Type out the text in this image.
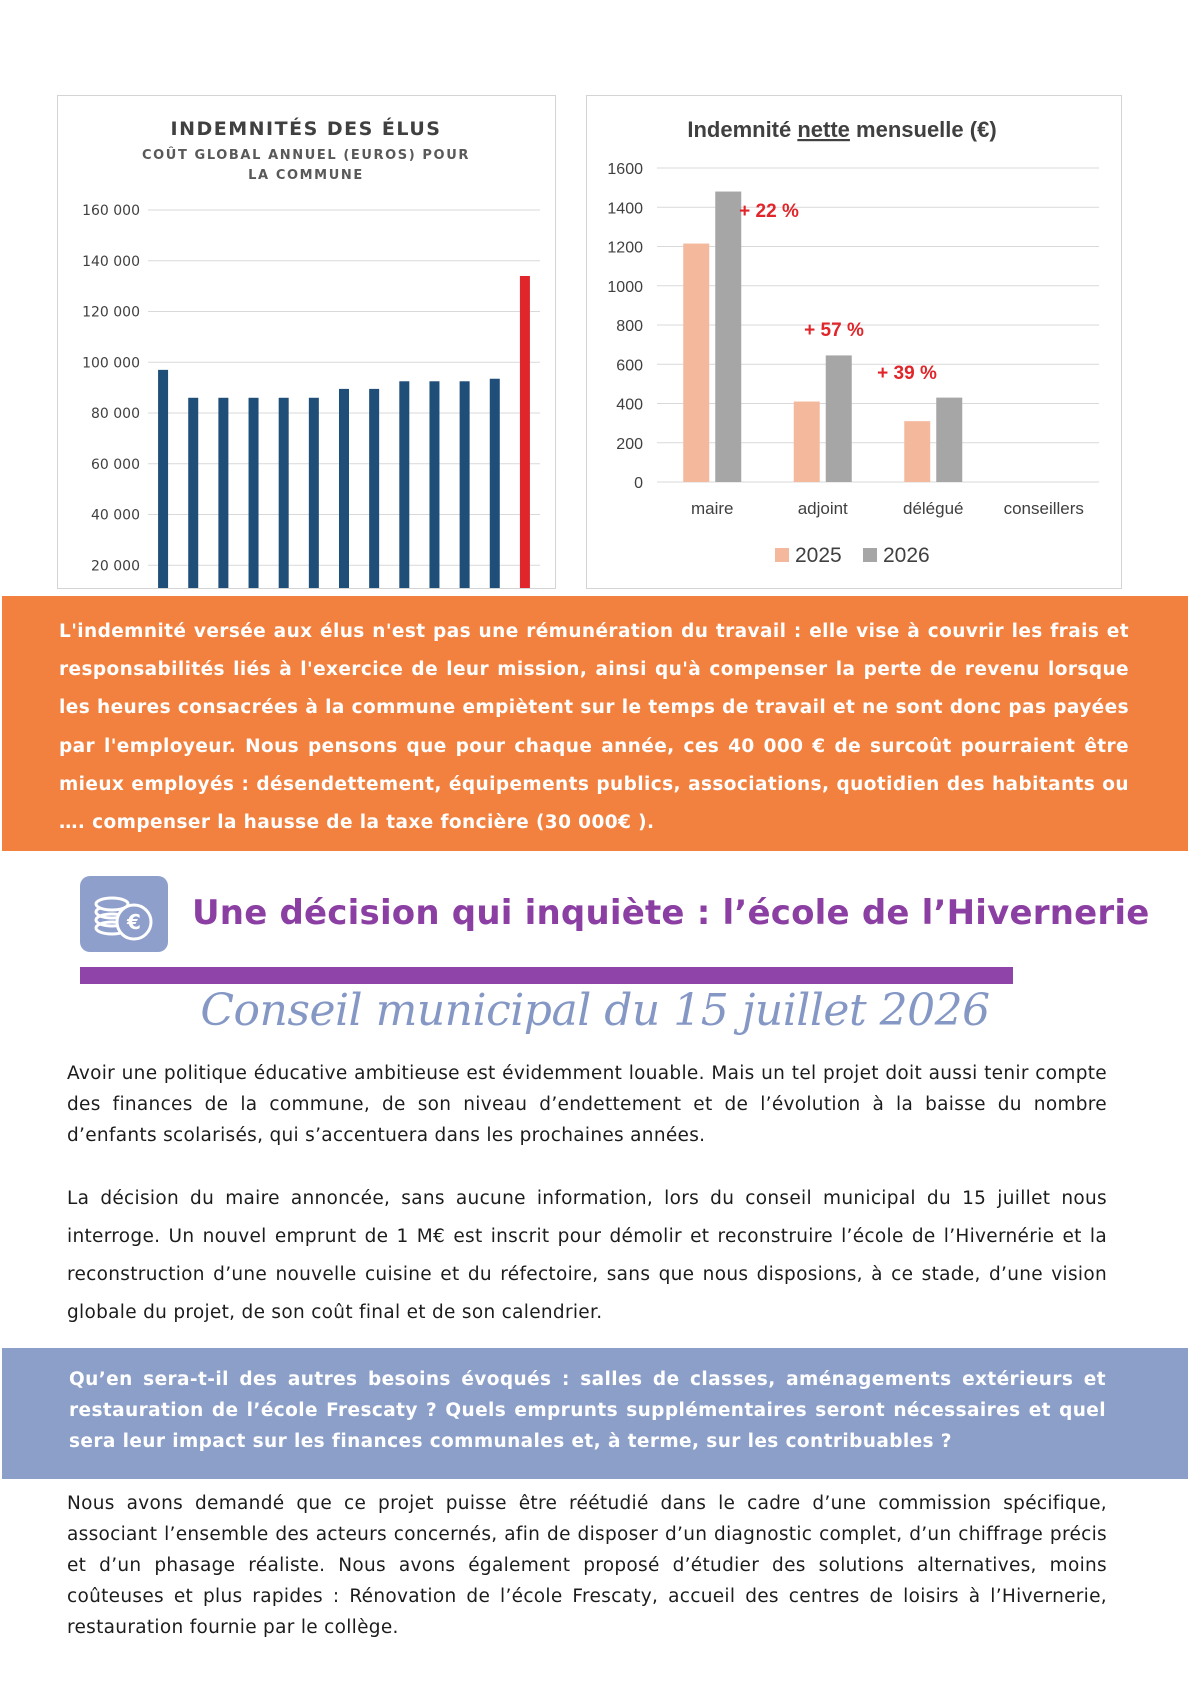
INDEMNITÉS DES ÉLUS
COÛT GLOBAL ANNUEL (EUROS) POUR
LA COMMUNE
20 000
40 000
60 000
80 000
100 000
120 000
140 000
160 000
Indemnité nette mensuelle (€)
0
200
400
600
800
1000
1200
1400
1600
maire	adjoint	délégué conseillers
+ 22 %
+ 57 %
+ 39 %
2025 2026

L'indemnité versée aux élus n'est pas une rémunération du travail : elle vise à couvrir les frais et responsabilités liés à l'exercice de leur mission, ainsi qu'à compenser la perte de revenu lorsque les heures consacrées à la commune empiètent sur le temps de travail et ne sont donc pas payées par l'employeur. Nous pensons que pour chaque année, ces 40 000 € de surcoût pourraient être mieux employés : désendettement, équipements publics, associations, quotidien des habitants ou …. compenser la hausse de la taxe foncière (30 000€ ).

€ Une décision qui inquiète : l’école de l’Hivernerie
Conseil municipal du 15 juillet 2026

Avoir une politique éducative ambitieuse est évidemment louable. Mais un tel projet doit aussi tenir compte des finances de la commune, de son niveau d’endettement et de l’évolution à la baisse du nombre d’enfants scolarisés, qui s’accentuera dans les prochaines années.

La décision du maire annoncée, sans aucune information, lors du conseil municipal du 15 juillet nous interroge. Un nouvel emprunt de 1 M€ est inscrit pour démolir et reconstruire l’école de l’Hivernérie et la reconstruction d’une nouvelle cuisine et du réfectoire, sans que nous disposions, à ce stade, d’une vision globale du projet, de son coût final et de son calendrier.

Qu’en sera-t-il des autres besoins évoqués : salles de classes, aménagements extérieurs et restauration de l’école Frescaty ? Quels emprunts supplémentaires seront nécessaires et quel sera leur impact sur les finances communales et, à terme, sur les contribuables ?

Nous avons demandé que ce projet puisse être réétudié dans le cadre d’une commission spécifique, associant l’ensemble des acteurs concernés, afin de disposer d’un diagnostic complet, d’un chiffrage précis et d’un phasage réaliste. Nous avons également proposé d’étudier des solutions alternatives, moins coûteuses et plus rapides : Rénovation de l’école Frescaty, accueil des centres de loisirs à l’Hivernerie, restauration fournie par le collège.
